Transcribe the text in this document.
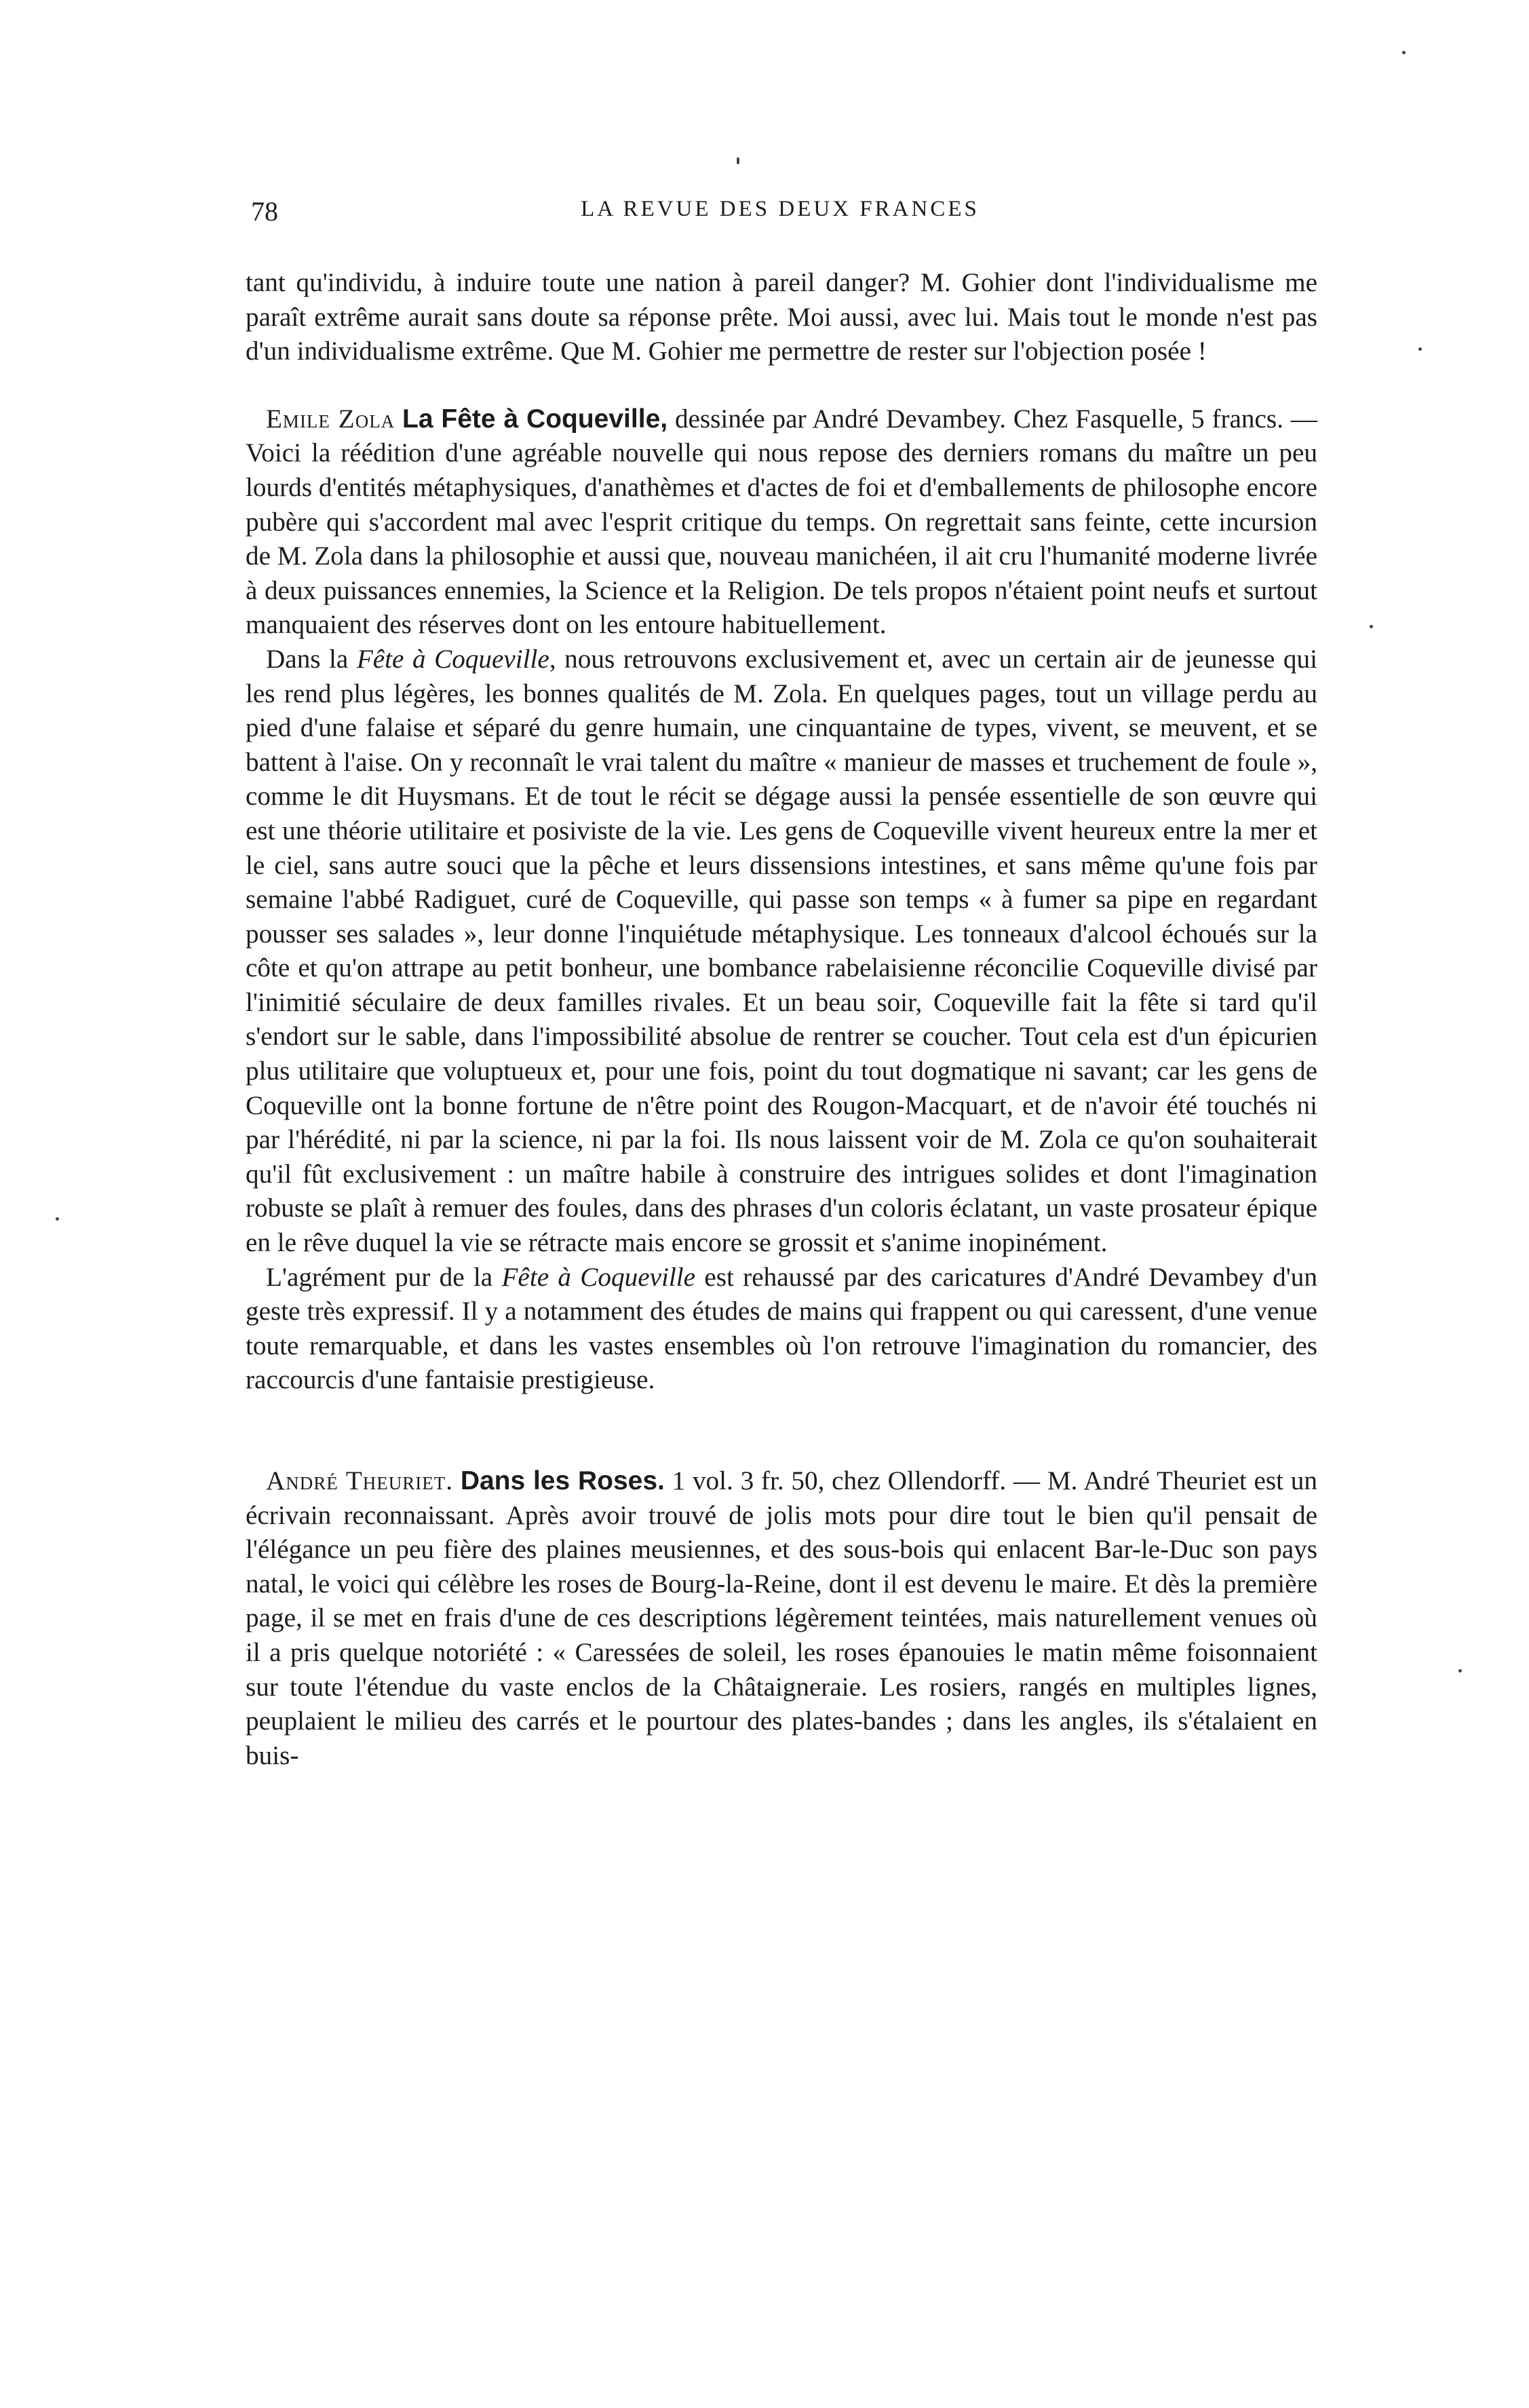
78	LA REVUE DES DEUX FRANCES

tant qu'individu, à induire toute une nation à pareil danger? M. Gohier dont l'individualisme me paraît extrême aurait sans doute sa réponse prête. Moi aussi, avec lui. Mais tout le monde n'est pas d'un individualisme extrême. Que M. Gohier me permettre de rester sur l'objection posée !

Emile Zola La Fête à Coqueville, dessinée par André Devambey. Chez Fasquelle, 5 francs. — Voici la réédition d'une agréable nouvelle qui nous repose des derniers romans du maître un peu lourds d'entités métaphysiques, d'anathèmes et d'actes de foi et d'emballements de philosophe encore pubère qui s'accordent mal avec l'esprit critique du temps. On regrettait sans feinte, cette incursion de M. Zola dans la philosophie et aussi que, nouveau manichéen, il ait cru l'humanité moderne livrée à deux puissances ennemies, la Science et la Religion. De tels propos n'étaient point neufs et surtout manquaient des réserves dont on les entoure habituellement.

Dans la Fête à Coqueville, nous retrouvons exclusivement et, avec un certain air de jeunesse qui les rend plus légères, les bonnes qualités de M. Zola. En quelques pages, tout un village perdu au pied d'une falaise et séparé du genre humain, une cinquantaine de types, vivent, se meuvent, et se battent à l'aise. On y reconnaît le vrai talent du maître « manieur de masses et truchement de foule », comme le dit Huysmans. Et de tout le récit se dégage aussi la pensée essentielle de son œuvre qui est une théorie utilitaire et posiviste de la vie. Les gens de Coqueville vivent heureux entre la mer et le ciel, sans autre souci que la pêche et leurs dissensions intestines, et sans même qu'une fois par semaine l'abbé Radiguet, curé de Coqueville, qui passe son temps « à fumer sa pipe en regardant pousser ses salades », leur donne l'inquiétude métaphysique. Les tonneaux d'alcool échoués sur la côte et qu'on attrape au petit bonheur, une bombance rabelaisienne réconcilie Coqueville divisé par l'inimitié séculaire de deux familles rivales. Et un beau soir, Coqueville fait la fête si tard qu'il s'endort sur le sable, dans l'impossibilité absolue de rentrer se coucher. Tout cela est d'un épicurien plus utilitaire que voluptueux et, pour une fois, point du tout dogmatique ni savant; car les gens de Coqueville ont la bonne fortune de n'être point des Rougon-Macquart, et de n'avoir été touchés ni par l'hérédité, ni par la science, ni par la foi. Ils nous laissent voir de M. Zola ce qu'on souhaiterait qu'il fût exclusivement : un maître habile à construire des intrigues solides et dont l'imagination robuste se plaît à remuer des foules, dans des phrases d'un coloris éclatant, un vaste prosateur épique en le rêve duquel la vie se rétracte mais encore se grossit et s'anime inopinément.

L'agrément pur de la Fête à Coqueville est rehaussé par des caricatures d'André Devambey d'un geste très expressif. Il y a notamment des études de mains qui frappent ou qui caressent, d'une venue toute remarquable, et dans les vastes ensembles où l'on retrouve l'imagination du romancier, des raccourcis d'une fantaisie prestigieuse.

André Theuriet. Dans les Roses. 1 vol. 3 fr. 50, chez Ollendorff. — M. André Theuriet est un écrivain reconnaissant. Après avoir trouvé de jolis mots pour dire tout le bien qu'il pensait de l'élégance un peu fière des plaines meusiennes, et des sous-bois qui enlacent Bar-le-Duc son pays natal, le voici qui célèbre les roses de Bourg-la-Reine, dont il est devenu le maire. Et dès la première page, il se met en frais d'une de ces descriptions légèrement teintées, mais naturellement venues où il a pris quelque notoriété : « Caressées de soleil, les roses épanouies le matin même foisonnaient sur toute l'étendue du vaste enclos de la Châtaigneraie. Les rosiers, rangés en multiples lignes, peuplaient le milieu des carrés et le pourtour des plates-bandes ; dans les angles, ils s'étalaient en buis-
